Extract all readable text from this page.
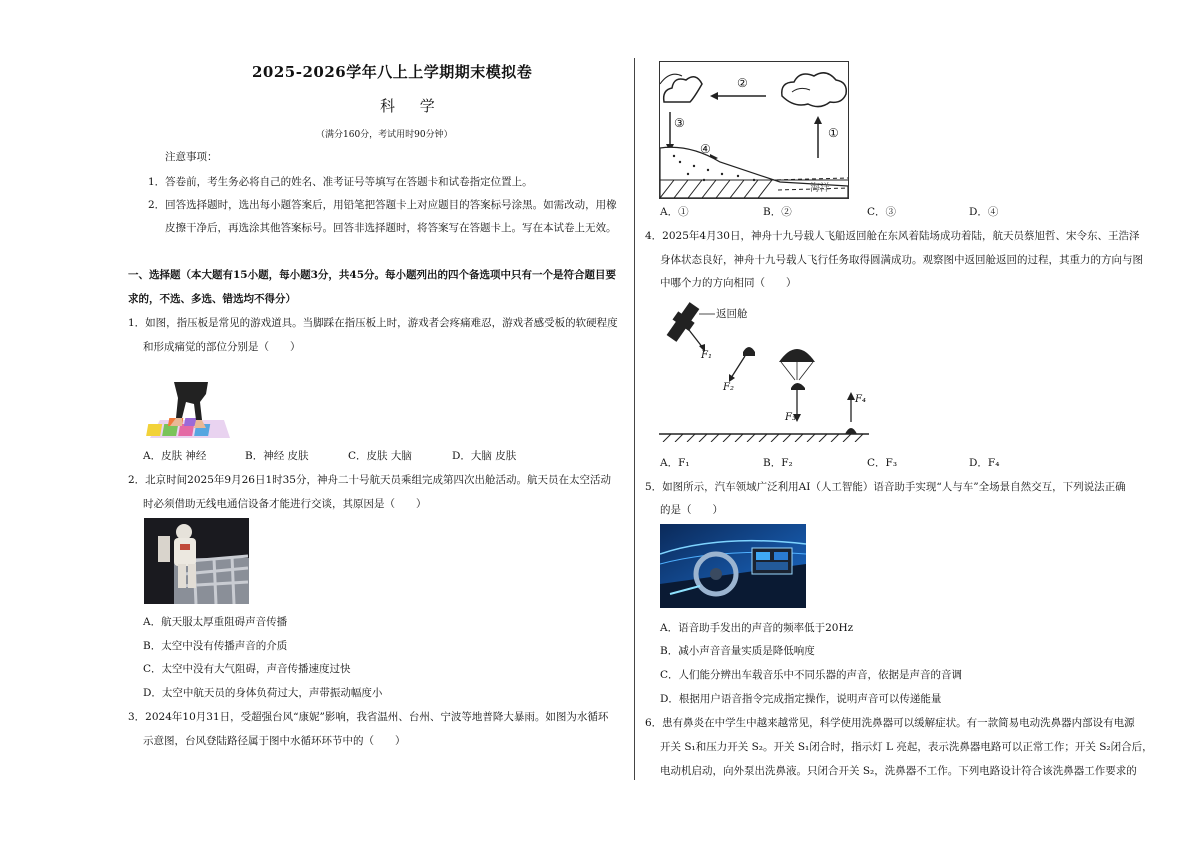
2025-2026学年八上上学期期末模拟卷
科 学
（满分160分，考试用时90分钟）
注意事项：
1．答卷前，考生务必将自己的姓名、准考证号等填写在答题卡和试卷指定位置上。
2．回答选择题时，选出每小题答案后，用铅笔把答题卡上对应题目的答案标号涂黑。如需改动，用橡
皮擦干净后，再选涂其他答案标号。回答非选择题时，将答案写在答题卡上。写在本试卷上无效。
一、选择题（本大题有15小题，每小题3分，共45分。每小题列出的四个备选项中只有一个是符合题目要
求的，不选、多选、错选均不得分）
1．如图，指压板是常见的游戏道具。当脚踩在指压板上时，游戏者会疼痛难忍，游戏者感受板的软硬程度
和形成痛觉的部位分别是（　　）
A．皮肤 神经	B．神经 皮肤	C．皮肤 大脑	D．大脑 皮肤
2．北京时间2025年9月26日1时35分，神舟二十号航天员乘组完成第四次出舱活动。航天员在太空活动
时必须借助无线电通信设备才能进行交谈，其原因是（　　）
A．航天服太厚重阻碍声音传播
B．太空中没有传播声音的介质
C．太空中没有大气阻碍，声音传播速度过快
D．太空中航天员的身体负荷过大，声带振动幅度小
3．2024年10月31日，受超强台风“康妮”影响，我省温州、台州、宁波等地普降大暴雨。如图为水循环
示意图，台风登陆路径属于图中水循环环节中的（　　）
②
①
③
④
海洋
A．①	B．②	C．③	D．④
4．2025年4月30日，神舟十九号载人飞船返回舱在东风着陆场成功着陆，航天员蔡旭哲、宋令东、王浩泽
身体状态良好，神舟十九号载人飞行任务取得圆满成功。观察图中返回舱返回的过程，其重力的方向与图
中哪个力的方向相同（　　）
返回舱
F₁
F₂
F₃
F₄
A．F₁	B．F₂	C．F₃	D．F₄
5．如图所示，汽车领域广泛利用AI（人工智能）语音助手实现“人与车”全场景自然交互，下列说法正确
的是（　　）
A．语音助手发出的声音的频率低于20Hz
B．减小声音音量实质是降低响度
C．人们能分辨出车载音乐中不同乐器的声音，依据是声音的音调
D．根据用户语音指令完成指定操作，说明声音可以传递能量
6．患有鼻炎在中学生中越来越常见，科学使用洗鼻器可以缓解症状。有一款简易电动洗鼻器内部设有电源
开关 S₁和压力开关 S₂。开关 S₁闭合时，指示灯 L 亮起，表示洗鼻器电路可以正常工作；开关 S₂闭合后，
电动机启动，向外泵出洗鼻液。只闭合开关 S₂，洗鼻器不工作。下列电路设计符合该洗鼻器工作要求的
